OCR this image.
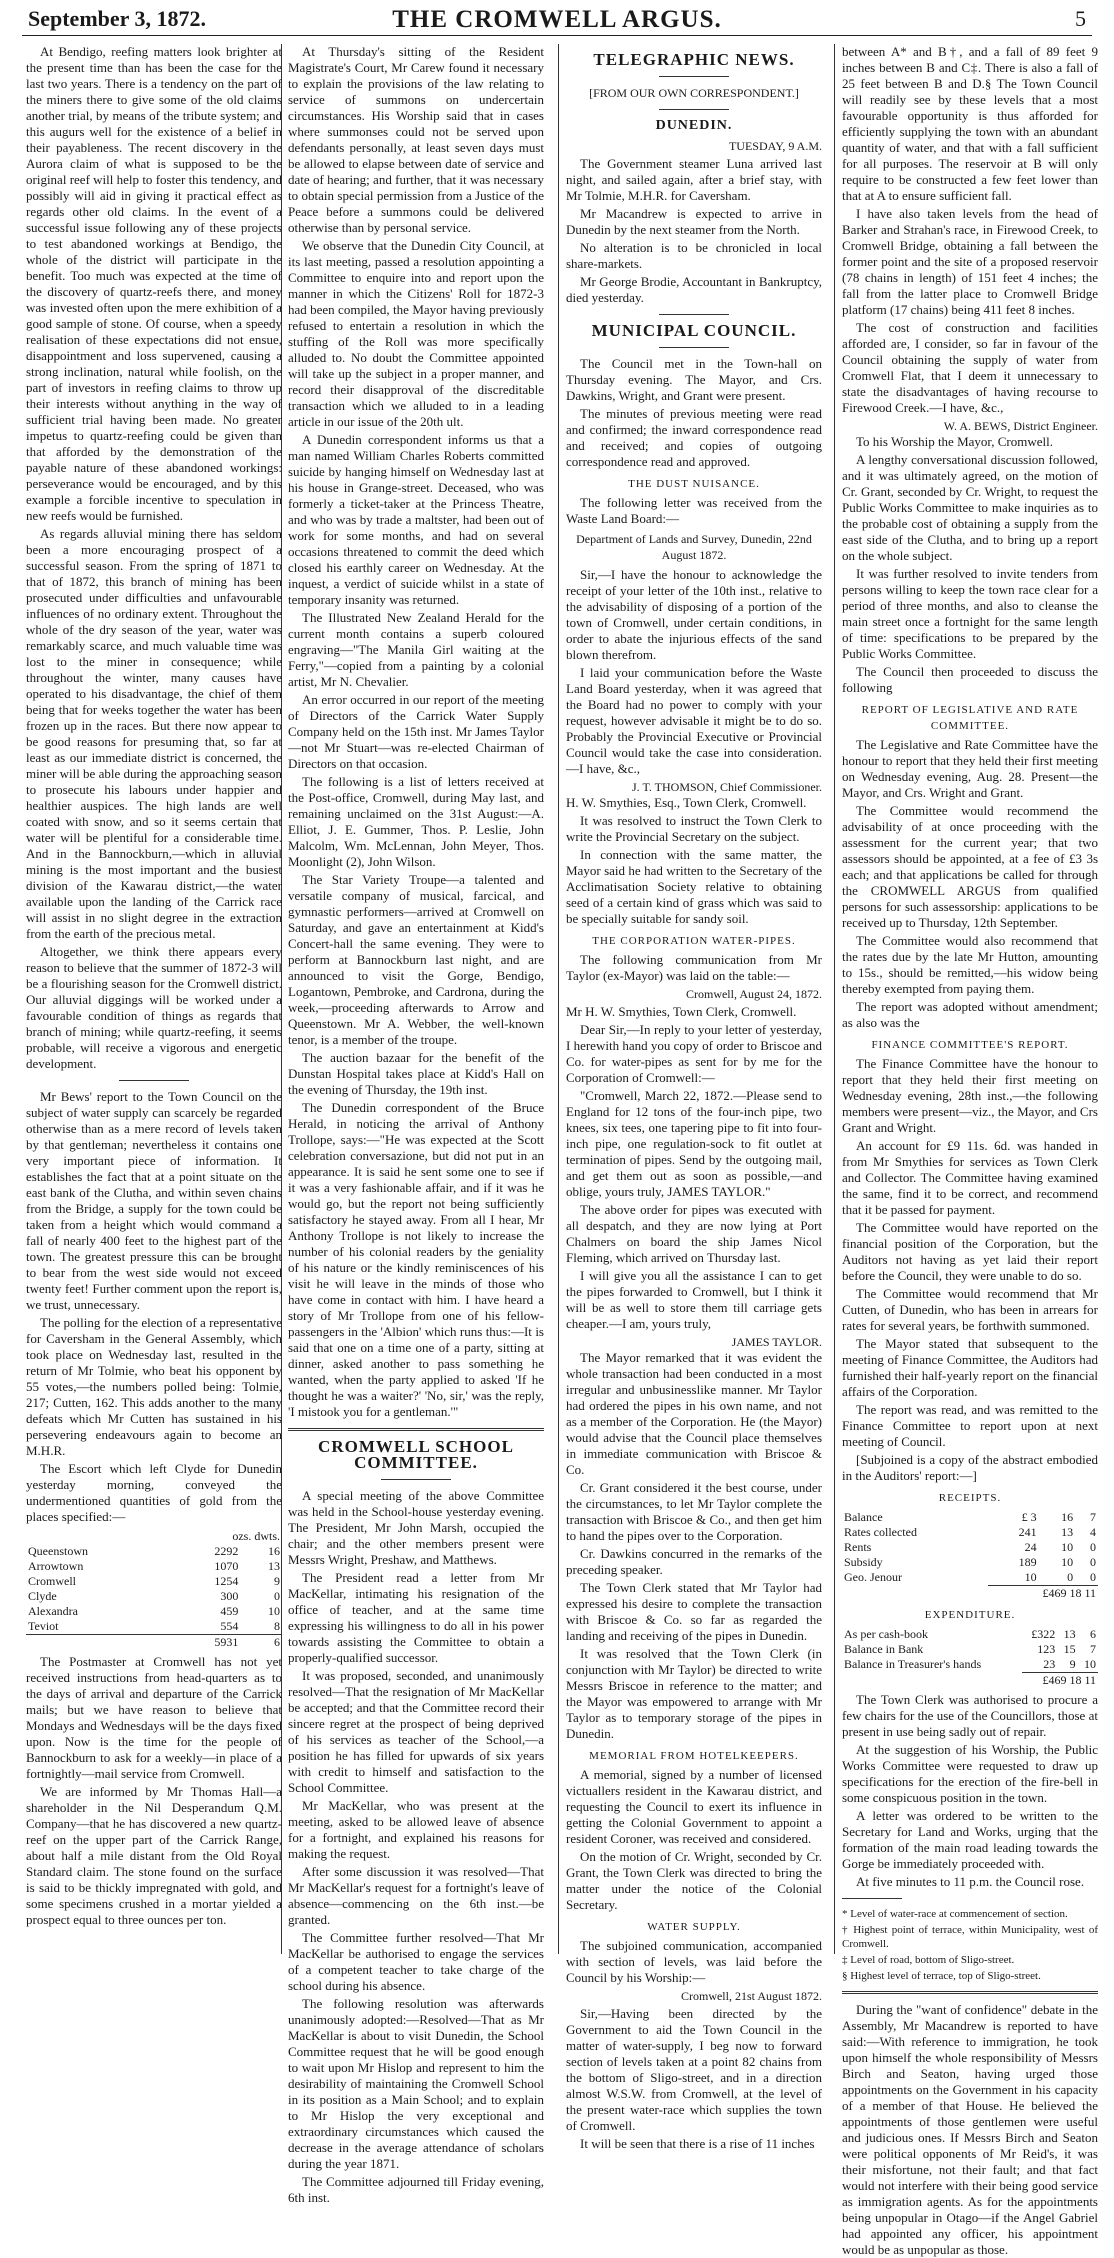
September 3, 1872.	THE CROMWELL ARGUS.	5

At Bendigo, reefing matters look brighter at the present time than has been the case for the last two years. There is a tendency on the part of the miners there to give some of the old claims another trial, by means of the tribute system; and this augurs well for the existence of a belief in their payableness. The recent discovery in the Aurora claim of what is supposed to be the original reef will help to foster this tendency, and possibly will aid in giving it practical effect as regards other old claims. In the event of a successful issue following any of these projects to test abandoned workings at Bendigo, the whole of the district will participate in the benefit. Too much was expected at the time of the discovery of quartz-reefs there, and money was invested often upon the mere exhibition of a good sample of stone. Of course, when a speedy realisation of these expectations did not ensue, disappointment and loss supervened, causing a strong inclination, natural while foolish, on the part of investors in reefing claims to throw up their interests without anything in the way of sufficient trial having been made. No greater impetus to quartz-reefing could be given than that afforded by the demonstration of the payable nature of these abandoned workings: perseverance would be encouraged, and by this example a forcible incentive to speculation in new reefs would be furnished.

As regards alluvial mining there has seldom been a more encouraging prospect of a successful season. From the spring of 1871 to that of 1872, this branch of mining has been prosecuted under difficulties and unfavourable influences of no ordinary extent. Throughout the whole of the dry season of the year, water was remarkably scarce, and much valuable time was lost to the miner in consequence; while throughout the winter, many causes have operated to his disadvantage, the chief of them being that for weeks together the water has been frozen up in the races. But there now appear to be good reasons for presuming that, so far at least as our immediate district is concerned, the miner will be able during the approaching season to prosecute his labours under happier and healthier auspices. The high lands are well coated with snow, and so it seems certain that water will be plentiful for a considerable time. And in the Bannockburn,—which in alluvial mining is the most important and the busiest division of the Kawarau district,—the water available upon the landing of the Carrick race will assist in no slight degree in the extraction from the earth of the precious metal.

Altogether, we think there appears every reason to believe that the summer of 1872-3 will be a flourishing season for the Cromwell district. Our alluvial diggings will be worked under a favourable condition of things as regards that branch of mining; while quartz-reefing, it seems probable, will receive a vigorous and energetic development.

Mr Bews' report to the Town Council on the subject of water supply can scarcely be regarded otherwise than as a mere record of levels taken by that gentleman; nevertheless it contains one very important piece of information. It establishes the fact that at a point situate on the east bank of the Clutha, and within seven chains from the Bridge, a supply for the town could be taken from a height which would command a fall of nearly 400 feet to the highest part of the town. The greatest pressure this can be brought to bear from the west side would not exceed twenty feet! Further comment upon the report is, we trust, unnecessary.

The polling for the election of a representative for Caversham in the General Assembly, which took place on Wednesday last, resulted in the return of Mr Tolmie, who beat his opponent by 55 votes,—the numbers polled being: Tolmie, 217; Cutten, 162. This adds another to the many defeats which Mr Cutten has sustained in his persevering endeavours again to become an M.H.R.

The Escort which left Clyde for Dunedin yesterday morning, conveyed the undermentioned quantities of gold from the places specified:—

	ozs. dwts.	
Queenstown	2292	16
Arrowtown	1070	13
Cromwell	1254	9
Clyde	300	0
Alexandra	459	10
Teviot	554	8
	5931	6

The Postmaster at Cromwell has not yet received instructions from head-quarters as to the days of arrival and departure of the Carrick mails; but we have reason to believe that Mondays and Wednesdays will be the days fixed upon. Now is the time for the people of Bannockburn to ask for a weekly—in place of a fortnightly—mail service from Cromwell.

We are informed by Mr Thomas Hall—a shareholder in the Nil Desperandum Q.M. Company—that he has discovered a new quartz-reef on the upper part of the Carrick Range, about half a mile distant from the Old Royal Standard claim. The stone found on the surface is said to be thickly impregnated with gold, and some specimens crushed in a mortar yielded a prospect equal to three ounces per ton.

At Thursday's sitting of the Resident Magistrate's Court, Mr Carew found it necessary to explain the provisions of the law relating to service of summons on undercertain circumstances. His Worship said that in cases where summonses could not be served upon defendants personally, at least seven days must be allowed to elapse between date of service and date of hearing; and further, that it was necessary to obtain special permission from a Justice of the Peace before a summons could be delivered otherwise than by personal service.

We observe that the Dunedin City Council, at its last meeting, passed a resolution appointing a Committee to enquire into and report upon the manner in which the Citizens' Roll for 1872-3 had been compiled, the Mayor having previously refused to entertain a resolution in which the stuffing of the Roll was more specifically alluded to. No doubt the Committee appointed will take up the subject in a proper manner, and record their disapproval of the discreditable transaction which we alluded to in a leading article in our issue of the 20th ult.

A Dunedin correspondent informs us that a man named William Charles Roberts committed suicide by hanging himself on Wednesday last at his house in Grange-street. Deceased, who was formerly a ticket-taker at the Princess Theatre, and who was by trade a maltster, had been out of work for some months, and had on several occasions threatened to commit the deed which closed his earthly career on Wednesday. At the inquest, a verdict of suicide whilst in a state of temporary insanity was returned.

The Illustrated New Zealand Herald for the current month contains a superb coloured engraving—"The Manila Girl waiting at the Ferry,"—copied from a painting by a colonial artist, Mr N. Chevalier.

An error occurred in our report of the meeting of Directors of the Carrick Water Supply Company held on the 15th inst. Mr James Taylor—not Mr Stuart—was re-elected Chairman of Directors on that occasion.

The following is a list of letters received at the Post-office, Cromwell, during May last, and remaining unclaimed on the 31st August:—A. Elliot, J. E. Gummer, Thos. P. Leslie, John Malcolm, Wm. McLennan, John Meyer, Thos. Moonlight (2), John Wilson.

The Star Variety Troupe—a talented and versatile company of musical, farcical, and gymnastic performers—arrived at Cromwell on Saturday, and gave an entertainment at Kidd's Concert-hall the same evening. They were to perform at Bannockburn last night, and are announced to visit the Gorge, Bendigo, Logantown, Pembroke, and Cardrona, during the week,—proceeding afterwards to Arrow and Queenstown. Mr A. Webber, the well-known tenor, is a member of the troupe.

The auction bazaar for the benefit of the Dunstan Hospital takes place at Kidd's Hall on the evening of Thursday, the 19th inst.

The Dunedin correspondent of the Bruce Herald, in noticing the arrival of Anthony Trollope, says:—"He was expected at the Scott celebration conversazione, but did not put in an appearance. It is said he sent some one to see if it was a very fashionable affair, and if it was he would go, but the report not being sufficiently satisfactory he stayed away. From all I hear, Mr Anthony Trollope is not likely to increase the number of his colonial readers by the geniality of his nature or the kindly reminiscences of his visit he will leave in the minds of those who have come in contact with him. I have heard a story of Mr Trollope from one of his fellow-passengers in the 'Albion' which runs thus:—It is said that one on a time one of a party, sitting at dinner, asked another to pass something he wanted, when the party applied to asked 'If he thought he was a waiter?' 'No, sir,' was the reply, 'I mistook you for a gentleman.'"

CROMWELL SCHOOL COMMITTEE.

A special meeting of the above Committee was held in the School-house yesterday evening. The President, Mr John Marsh, occupied the chair; and the other members present were Messrs Wright, Preshaw, and Matthews.

The President read a letter from Mr MacKellar, intimating his resignation of the office of teacher, and at the same time expressing his willingness to do all in his power towards assisting the Committee to obtain a properly-qualified successor.

It was proposed, seconded, and unanimously resolved—That the resignation of Mr MacKellar be accepted; and that the Committee record their sincere regret at the prospect of being deprived of his services as teacher of the School,—a position he has filled for upwards of six years with credit to himself and satisfaction to the School Committee.

Mr MacKellar, who was present at the meeting, asked to be allowed leave of absence for a fortnight, and explained his reasons for making the request.

After some discussion it was resolved—That Mr MacKellar's request for a fortnight's leave of absence—commencing on the 6th inst.—be granted.

The Committee further resolved—That Mr MacKellar be authorised to engage the services of a competent teacher to take charge of the school during his absence.

The following resolution was afterwards unanimously adopted:—Resolved—That as Mr MacKellar is about to visit Dunedin, the School Committee request that he will be good enough to wait upon Mr Hislop and represent to him the desirability of maintaining the Cromwell School in its position as a Main School; and to explain to Mr Hislop the very exceptional and extraordinary circumstances which caused the decrease in the average attendance of scholars during the year 1871.

The Committee adjourned till Friday evening, 6th inst.

TELEGRAPHIC NEWS.
[FROM OUR OWN CORRESPONDENT.]
DUNEDIN.
TUESDAY, 9 A.M.

The Government steamer Luna arrived last night, and sailed again, after a brief stay, with Mr Tolmie, M.H.R. for Caversham.

Mr Macandrew is expected to arrive in Dunedin by the next steamer from the North.

No alteration is to be chronicled in local share-markets.

Mr George Brodie, Accountant in Bankruptcy, died yesterday.

MUNICIPAL COUNCIL.

The Council met in the Town-hall on Thursday evening. The Mayor, and Crs. Dawkins, Wright, and Grant were present.

The minutes of previous meeting were read and confirmed; the inward correspondence read and received; and copies of outgoing correspondence read and approved.

THE DUST NUISANCE.

The following letter was received from the Waste Land Board:—

Department of Lands and Survey, Dunedin, 22nd August 1872.

Sir,—I have the honour to acknowledge the receipt of your letter of the 10th inst., relative to the advisability of disposing of a portion of the town of Cromwell, under certain conditions, in order to abate the injurious effects of the sand blown therefrom.

I laid your communication before the Waste Land Board yesterday, when it was agreed that the Board had no power to comply with your request, however advisable it might be to do so. Probably the Provincial Executive or Provincial Council would take the case into consideration.—I have, &c.,

J. T. THOMSON, Chief Commissioner.

H. W. Smythies, Esq., Town Clerk, Cromwell.

It was resolved to instruct the Town Clerk to write the Provincial Secretary on the subject.

In connection with the same matter, the Mayor said he had written to the Secretary of the Acclimatisation Society relative to obtaining seed of a certain kind of grass which was said to be specially suitable for sandy soil.

THE CORPORATION WATER-PIPES.

The following communication from Mr Taylor (ex-Mayor) was laid on the table:—

Cromwell, August 24, 1872.

Mr H. W. Smythies, Town Clerk, Cromwell.

Dear Sir,—In reply to your letter of yesterday, I herewith hand you copy of order to Briscoe and Co. for water-pipes as sent for by me for the Corporation of Cromwell:—

"Cromwell, March 22, 1872.—Please send to England for 12 tons of the four-inch pipe, two knees, six tees, one tapering pipe to fit into four-inch pipe, one regulation-sock to fit outlet at termination of pipes. Send by the outgoing mail, and get them out as soon as possible,—and oblige, yours truly, JAMES TAYLOR."

The above order for pipes was executed with all despatch, and they are now lying at Port Chalmers on board the ship James Nicol Fleming, which arrived on Thursday last.

I will give you all the assistance I can to get the pipes forwarded to Cromwell, but I think it will be as well to store them till carriage gets cheaper.—I am, yours truly,

JAMES TAYLOR.

The Mayor remarked that it was evident the whole transaction had been conducted in a most irregular and unbusinesslike manner. Mr Taylor had ordered the pipes in his own name, and not as a member of the Corporation. He (the Mayor) would advise that the Council place themselves in immediate communication with Briscoe & Co.

Cr. Grant considered it the best course, under the circumstances, to let Mr Taylor complete the transaction with Briscoe & Co., and then get him to hand the pipes over to the Corporation.

Cr. Dawkins concurred in the remarks of the preceding speaker.

The Town Clerk stated that Mr Taylor had expressed his desire to complete the transaction with Briscoe & Co. so far as regarded the landing and receiving of the pipes in Dunedin.

It was resolved that the Town Clerk (in conjunction with Mr Taylor) be directed to write Messrs Briscoe in reference to the matter; and the Mayor was empowered to arrange with Mr Taylor as to temporary storage of the pipes in Dunedin.

MEMORIAL FROM HOTELKEEPERS.

A memorial, signed by a number of licensed victuallers resident in the Kawarau district, and requesting the Council to exert its influence in getting the Colonial Government to appoint a resident Coroner, was received and considered.

On the motion of Cr. Wright, seconded by Cr. Grant, the Town Clerk was directed to bring the matter under the notice of the Colonial Secretary.

WATER SUPPLY.

The subjoined communication, accompanied with section of levels, was laid before the Council by his Worship:—

Cromwell, 21st August 1872.

Sir,—Having been directed by the Government to aid the Town Council in the matter of water-supply, I beg now to forward section of levels taken at a point 82 chains from the bottom of Sligo-street, and in a direction almost W.S.W. from Cromwell, at the level of the present water-race which supplies the town of Cromwell.

It will be seen that there is a rise of 11 inches

between A* and B†, and a fall of 89 feet 9 inches between B and C‡. There is also a fall of 25 feet between B and D.§ The Town Council will readily see by these levels that a most favourable opportunity is thus afforded for efficiently supplying the town with an abundant quantity of water, and that with a fall sufficient for all purposes. The reservoir at B will only require to be constructed a few feet lower than that at A to ensure sufficient fall.

I have also taken levels from the head of Barker and Strahan's race, in Firewood Creek, to Cromwell Bridge, obtaining a fall between the former point and the site of a proposed reservoir (78 chains in length) of 151 feet 4 inches; the fall from the latter place to Cromwell Bridge platform (17 chains) being 411 feet 8 inches.

The cost of construction and facilities afforded are, I consider, so far in favour of the Council obtaining the supply of water from Cromwell Flat, that I deem it unnecessary to state the disadvantages of having recourse to Firewood Creek.—I have, &c.,

W. A. BEWS, District Engineer.

To his Worship the Mayor, Cromwell.

A lengthy conversational discussion followed, and it was ultimately agreed, on the motion of Cr. Grant, seconded by Cr. Wright, to request the Public Works Committee to make inquiries as to the probable cost of obtaining a supply from the east side of the Clutha, and to bring up a report on the whole subject.

It was further resolved to invite tenders from persons willing to keep the town race clear for a period of three months, and also to cleanse the main street once a fortnight for the same length of time: specifications to be prepared by the Public Works Committee.

The Council then proceeded to discuss the following

REPORT OF LEGISLATIVE AND RATE COMMITTEE.

The Legislative and Rate Committee have the honour to report that they held their first meeting on Wednesday evening, Aug. 28. Present—the Mayor, and Crs. Wright and Grant.

The Committee would recommend the advisability of at once proceeding with the assessment for the current year; that two assessors should be appointed, at a fee of £3 3s each; and that applications be called for through the CROMWELL ARGUS from qualified persons for such assessorship: applications to be received up to Thursday, 12th September.

The Committee would also recommend that the rates due by the late Mr Hutton, amounting to 15s., should be remitted,—his widow being thereby exempted from paying them.

The report was adopted without amendment; as also was the

FINANCE COMMITTEE'S REPORT.

The Finance Committee have the honour to report that they held their first meeting on Wednesday evening, 28th inst.,—the following members were present—viz., the Mayor, and Crs Grant and Wright.

An account for £9 11s. 6d. was handed in from Mr Smythies for services as Town Clerk and Collector. The Committee having examined the same, find it to be correct, and recommend that it be passed for payment.

The Committee would have reported on the financial position of the Corporation, but the Auditors not having as yet laid their report before the Council, they were unable to do so.

The Committee would recommend that Mr Cutten, of Dunedin, who has been in arrears for rates for several years, be forthwith summoned.

The Mayor stated that subsequent to the meeting of Finance Committee, the Auditors had furnished their half-yearly report on the financial affairs of the Corporation.

The report was read, and was remitted to the Finance Committee to report upon at next meeting of Council.

[Subjoined is a copy of the abstract embodied in the Auditors' report:—]

RECEIPTS.
Balance	£ 3	16	7
Rates collected	241	13	4
Rents	24	10	0
Subsidy	189	10	0
Geo. Jenour	10	0	0
	£469 18 11		
EXPENDITURE.
As per cash-book	£322	13	6
Balance in Bank	123	15	7
Balance in Treasurer's hands	23	9	10
	£469 18 11		

The Town Clerk was authorised to procure a few chairs for the use of the Councillors, those at present in use being sadly out of repair.

At the suggestion of his Worship, the Public Works Committee were requested to draw up specifications for the erection of the fire-bell in some conspicuous position in the town.

A letter was ordered to be written to the Secretary for Land and Works, urging that the formation of the main road leading towards the Gorge be immediately proceeded with.

At five minutes to 11 p.m. the Council rose.

* Level of water-race at commencement of section.
† Highest point of terrace, within Municipality, west of Cromwell.
‡ Level of road, bottom of Sligo-street.
§ Highest level of terrace, top of Sligo-street.

During the "want of confidence" debate in the Assembly, Mr Macandrew is reported to have said:—With reference to immigration, he took upon himself the whole responsibility of Messrs Birch and Seaton, having urged those appointments on the Government in his capacity of a member of that House. He believed the appointments of those gentlemen were useful and judicious ones. If Messrs Birch and Seaton were political opponents of Mr Reid's, it was their misfortune, not their fault; and that fact would not interfere with their being good service as immigration agents. As for the appointments being unpopular in Otago—if the Angel Gabriel had appointed any officer, his appointment would be as unpopular as those.
